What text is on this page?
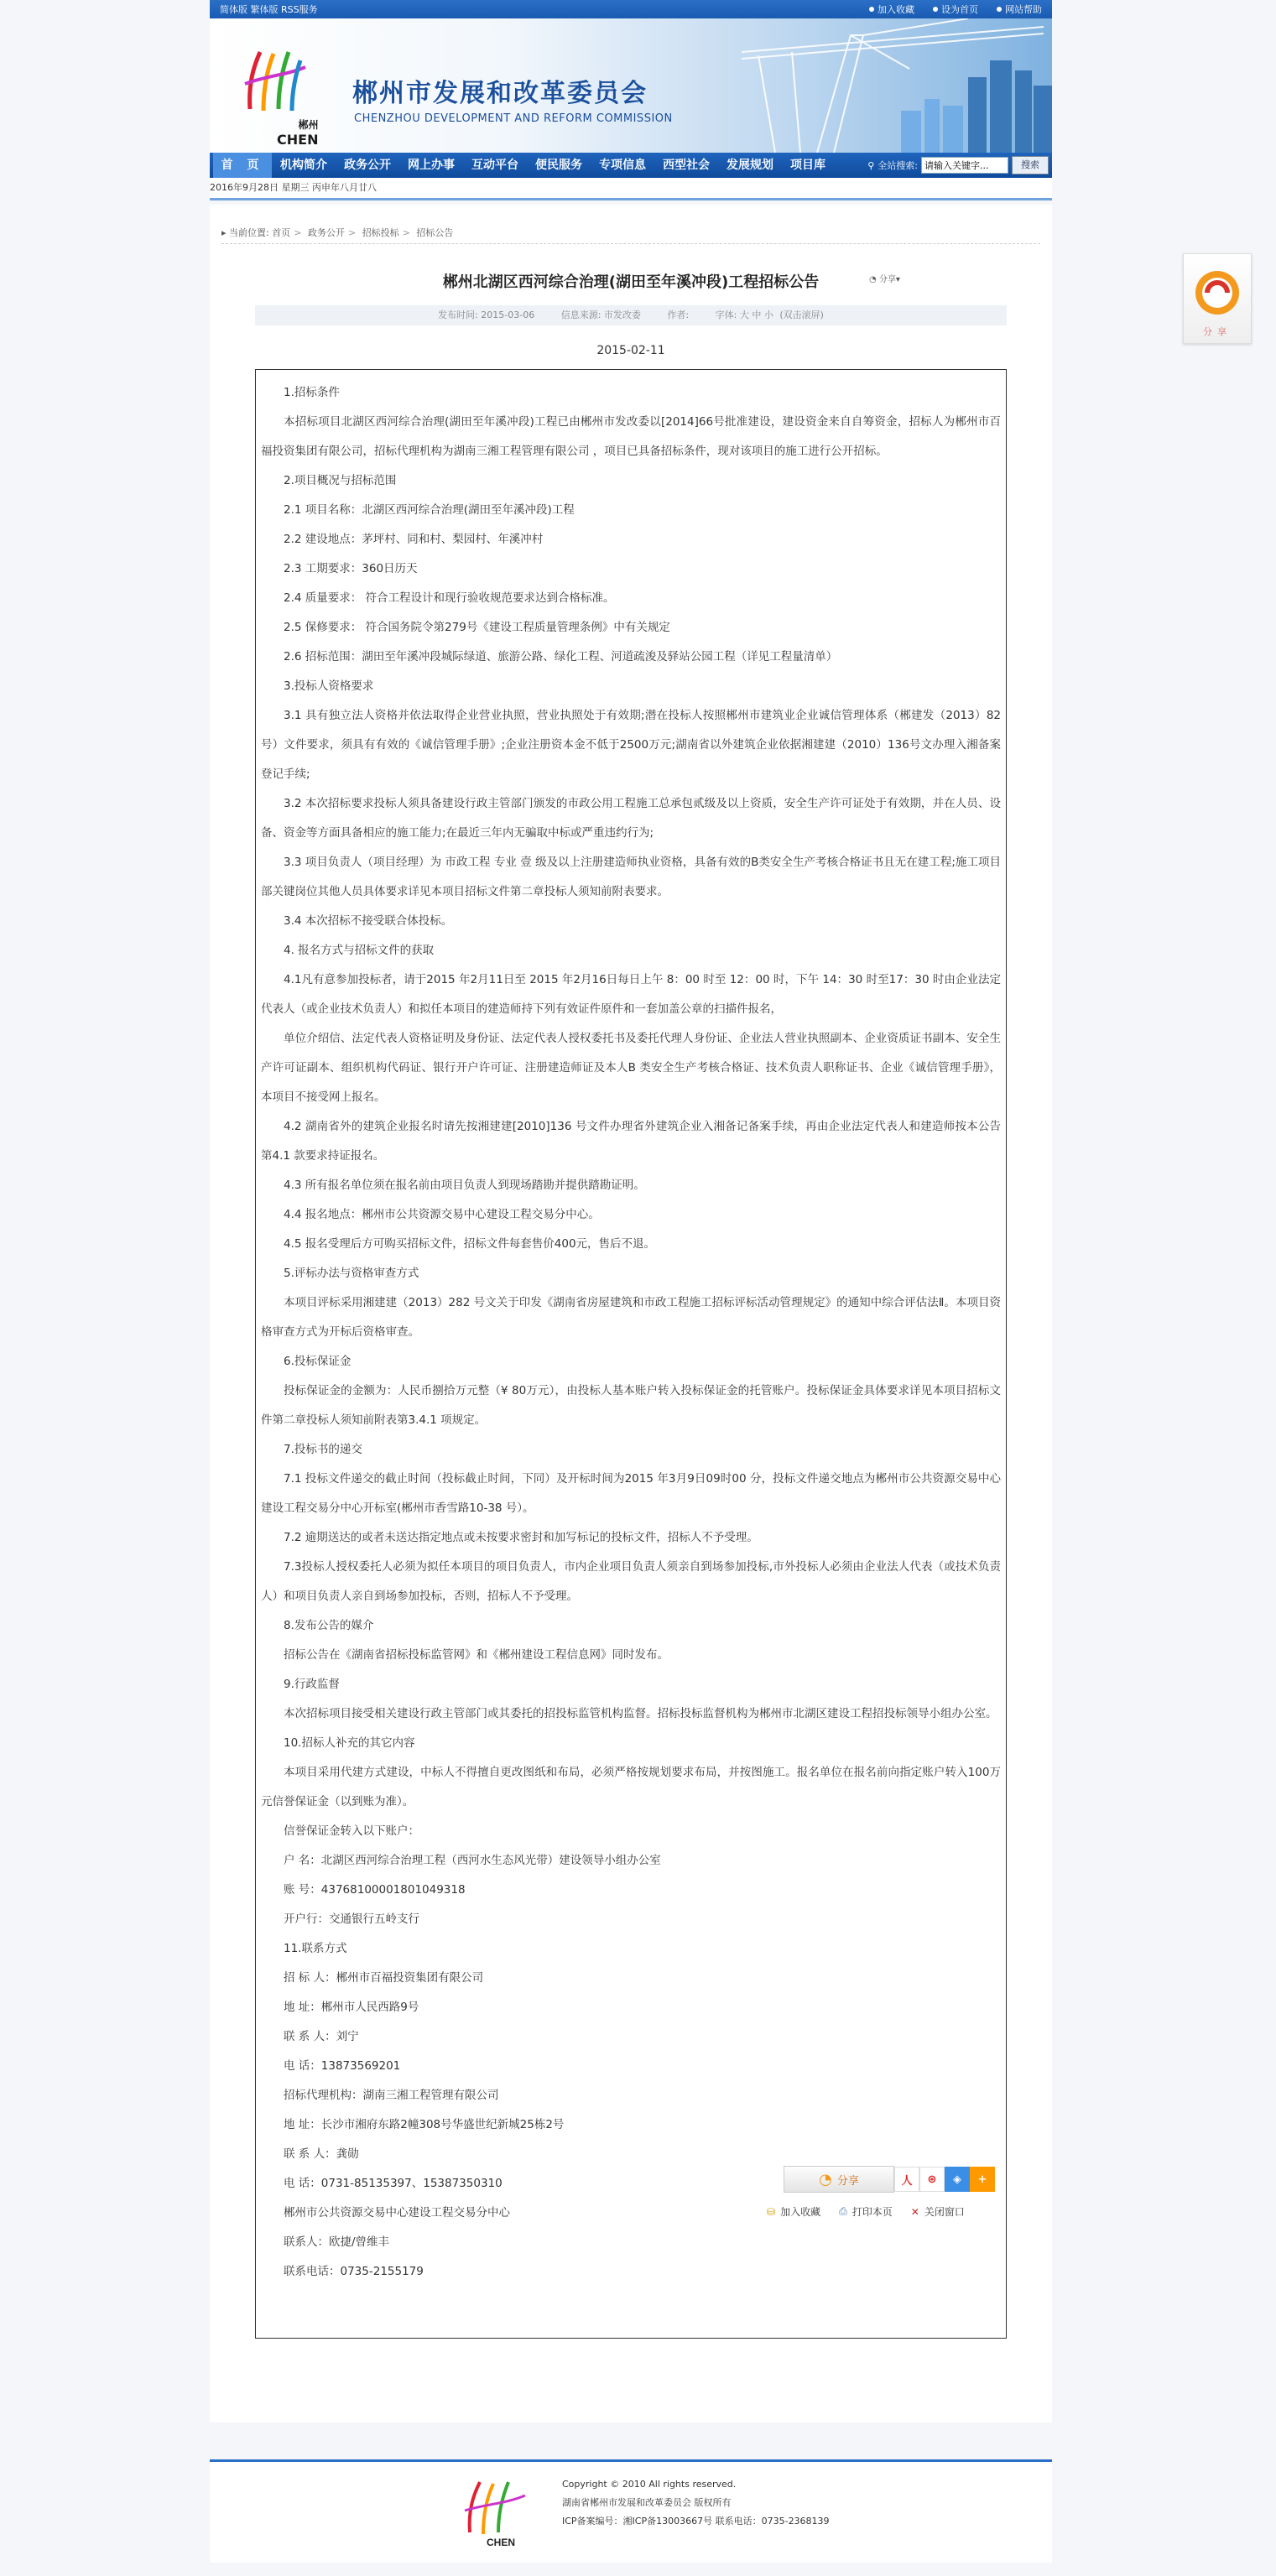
简体版 繁体版 RSS服务	加入收藏	设为首页	网站帮助
郴州
CHEN
郴州市发展和改革委员会
CHENZHOU DEVELOPMENT AND REFORM COMMISSION
首 页	机构简介	政务公开	网上办事	互动平台	便民服务	专项信息	西型社会	发展规划	项目库	⚲ 全站搜索:
请输入关键字...	搜索
2016年9月28日 星期三 丙申年八月廿八
▸ 当前位置: 首页 > 政务公开 > 招标投标 > 招标公告
郴州北湖区西河综合治理(湖田至年溪冲段)工程招标公告	◔ 分享▾
发布时间: 2015-03-06	信息来源: 市发改委	作者:	字体: 大 中 小 (双击滚屏)
2015-02-11

1.招标条件

本招标项目北湖区西河综合治理(湖田至年溪冲段)工程已由郴州市发改委以[2014]66号批准建设，建设资金来自自筹资金，招标人为郴州市百福投资集团有限公司，招标代理机构为湖南三湘工程管理有限公司 ，项目已具备招标条件，现对该项目的施工进行公开招标。

2.项目概况与招标范围

2.1 项目名称：北湖区西河综合治理(湖田至年溪冲段)工程

2.2 建设地点：茅坪村、同和村、梨园村、年溪冲村

2.3 工期要求：360日历天

2.4 质量要求： 符合工程设计和现行验收规范要求达到合格标准。

2.5 保修要求： 符合国务院令第279号《建设工程质量管理条例》中有关规定

2.6 招标范围：湖田至年溪冲段城际绿道、旅游公路、绿化工程、河道疏浚及驿站公园工程（详见工程量清单）

3.投标人资格要求

3.1 具有独立法人资格并依法取得企业营业执照，营业执照处于有效期;潜在投标人按照郴州市建筑业企业诚信管理体系（郴建发（2013）82号）文件要求，须具有有效的《诚信管理手册》;企业注册资本金不低于2500万元;湖南省以外建筑企业依据湘建建（2010）136号文办理入湘备案登记手续;

3.2 本次招标要求投标人须具备建设行政主管部门颁发的市政公用工程施工总承包贰级及以上资质，安全生产许可证处于有效期，并在人员、设备、资金等方面具备相应的施工能力;在最近三年内无骗取中标或严重违约行为;

3.3 项目负责人（项目经理）为 市政工程 专业 壹 级及以上注册建造师执业资格，具备有效的B类安全生产考核合格证书且无在建工程;施工项目部关键岗位其他人员具体要求详见本项目招标文件第二章投标人须知前附表要求。

3.4 本次招标不接受联合体投标。

4. 报名方式与招标文件的获取

4.1凡有意参加投标者，请于2015 年2月11日至 2015 年2月16日每日上午 8：00 时至 12：00 时，下午 14：30 时至17：30 时由企业法定代表人（或企业技术负责人）和拟任本项目的建造师持下列有效证件原件和一套加盖公章的扫描件报名，

单位介绍信、法定代表人资格证明及身份证、法定代表人授权委托书及委托代理人身份证、企业法人营业执照副本、企业资质证书副本、安全生产许可证副本、组织机构代码证、银行开户许可证、注册建造师证及本人B 类安全生产考核合格证、技术负责人职称证书、企业《诚信管理手册》，本项目不接受网上报名。

4.2 湖南省外的建筑企业报名时请先按湘建建[2010]136 号文件办理省外建筑企业入湘备记备案手续，再由企业法定代表人和建造师按本公告第4.1 款要求持证报名。

4.3 所有报名单位须在报名前由项目负责人到现场踏勘并提供踏勘证明。

4.4 报名地点：郴州市公共资源交易中心建设工程交易分中心。

4.5 报名受理后方可购买招标文件，招标文件每套售价400元，售后不退。

5.评标办法与资格审查方式

本项目评标采用湘建建（2013）282 号文关于印发《湖南省房屋建筑和市政工程施工招标评标活动管理规定》的通知中综合评估法Ⅱ。本项目资格审查方式为开标后资格审查。

6.投标保证金

投标保证金的金额为：人民币捌拾万元整（¥ 80万元），由投标人基本账户转入投标保证金的托管账户。投标保证金具体要求详见本项目招标文件第二章投标人须知前附表第3.4.1 项规定。

7.投标书的递交

7.1 投标文件递交的截止时间（投标截止时间，下同）及开标时间为2015 年3月9日09时00 分，投标文件递交地点为郴州市公共资源交易中心建设工程交易分中心开标室(郴州市香雪路10-38 号）。

7.2 逾期送达的或者未送达指定地点或未按要求密封和加写标记的投标文件，招标人不予受理。

7.3投标人授权委托人必须为拟任本项目的项目负责人，市内企业项目负责人须亲自到场参加投标,市外投标人必须由企业法人代表（或技术负责人）和项目负责人亲自到场参加投标，否则，招标人不予受理。

8.发布公告的媒介

招标公告在《湖南省招标投标监管网》和《郴州建设工程信息网》同时发布。

9.行政监督

本次招标项目接受相关建设行政主管部门或其委托的招投标监管机构监督。招标投标监督机构为郴州市北湖区建设工程招投标领导小组办公室。

10.招标人补充的其它内容

本项目采用代建方式建设，中标人不得擅自更改图纸和布局，必须严格按规划要求布局，并按图施工。报名单位在报名前向指定账户转入100万元信誉保证金（以到账为准）。

信誉保证金转入以下账户：

户 名：北湖区西河综合治理工程（西河水生态风光带）建设领导小组办公室

账 号：43768100001801049318

开户行：交通银行五岭支行

11.联系方式

招 标 人：郴州市百福投资集团有限公司

地 址：郴州市人民西路9号

联 系 人：刘宁

电 话：13873569201

招标代理机构：湖南三湘工程管理有限公司

地 址：长沙市湘府东路2幢308号华盛世纪新城25栋2号

联 系 人：龚勋

电 话：0731-85135397、15387350310

郴州市公共资源交易中心建设工程交易分中心

联系人：欧捷/曾维丰

联系电话：0735-2155179

分享
◔ 分享	人	⊛	◈	+
⛁ 加入收藏 ⎙ 打印本页 ✕ 关闭窗口
CHEN
Copyright © 2010 All rights reserved.
湖南省郴州市发展和改革委员会 版权所有
ICP备案编号：湘ICP备13003667号 联系电话：0735-2368139
